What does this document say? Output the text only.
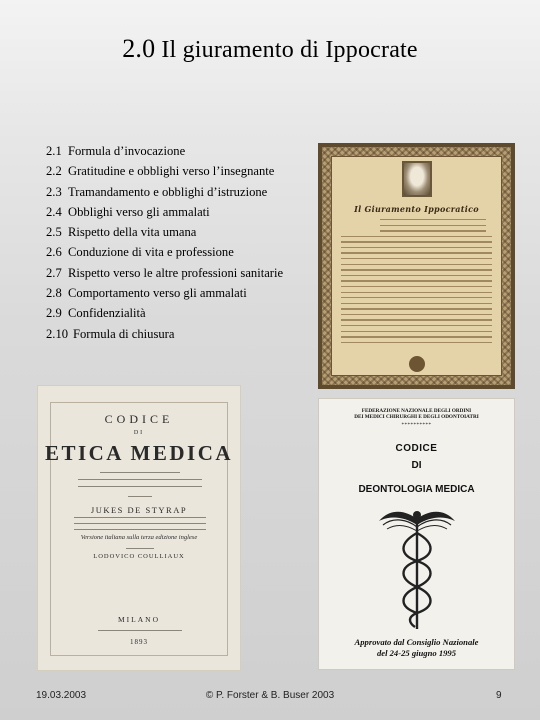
2.0 Il giuramento di Ippocrate
2.1 Formula d’invocazione
2.2 Gratitudine e obblighi verso l’insegnante
2.3 Tramandamento e obblighi d’istruzione
2.4 Obblighi verso gli ammalati
2.5 Rispetto della vita umana
2.6 Conduzione di vita e professione
2.7 Rispetto verso le altre professioni sanitarie
2.8 Comportamento verso gli ammalati
2.9 Confidenzialità
2.10 Formula di chiusura
Il Giuramento Ippocratico
CODICE
DI
ETICA MEDICA
JUKES DE STYRAP
Versione italiana sulla terza edizione inglese
LODOVICO COULLIAUX
MILANO
1893
FEDERAZIONE NAZIONALE DEGLI ORDINI
DEI MEDICI CHIRURGHI E DEGLI ODONTOIATRI
**********
CODICE
DI
DEONTOLOGIA MEDICA
Approvato dal Consiglio Nazionale
del 24-25 giugno 1995
19.03.2003	© P. Forster & B. Buser 2003	9
